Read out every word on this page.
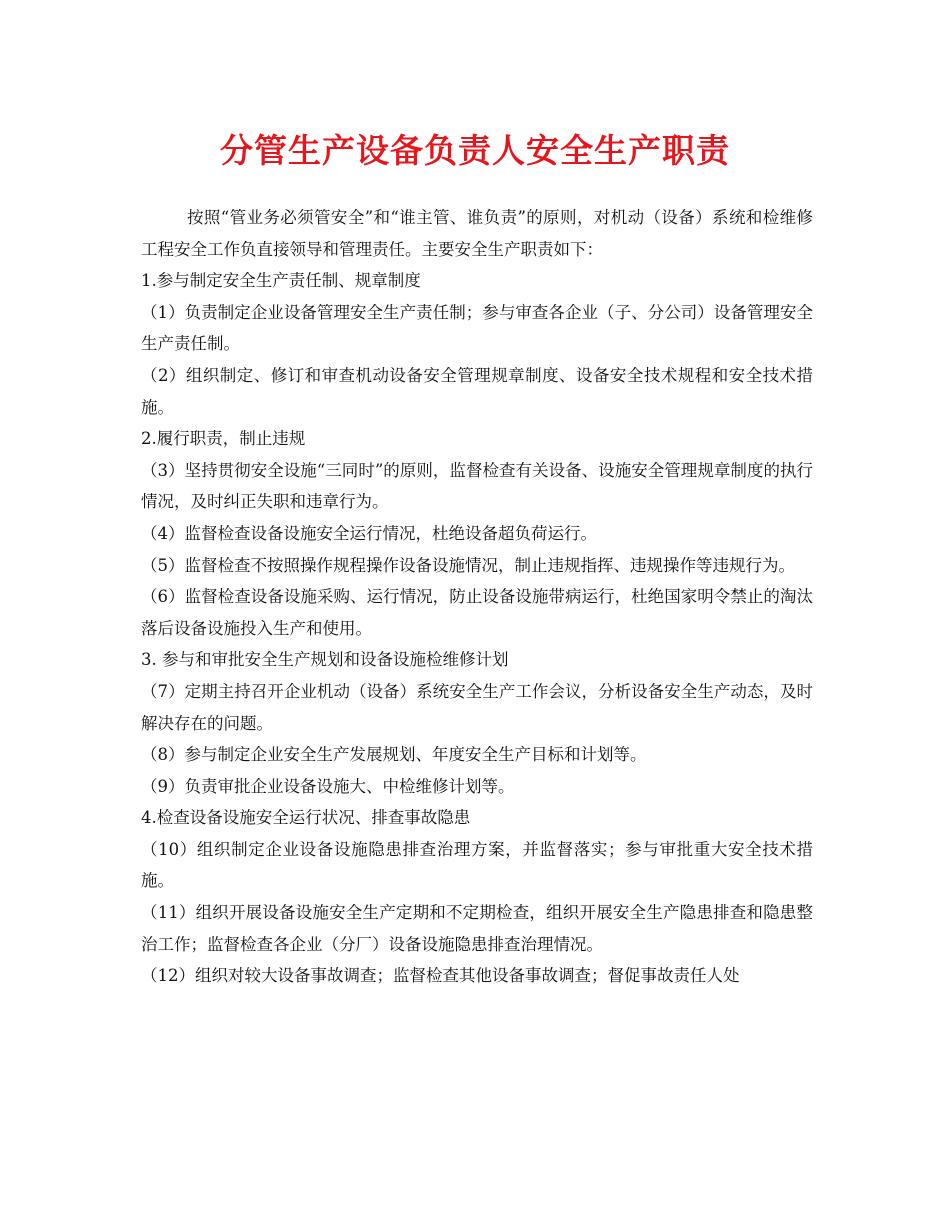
分管生产设备负责人安全生产职责

按照“管业务必须管安全”和“谁主管、谁负责”的原则，对机动（设备）系统和检维修工程安全工作负直接领导和管理责任。主要安全生产职责如下：

1.参与制定安全生产责任制、规章制度

（1）负责制定企业设备管理安全生产责任制；参与审查各企业（子、分公司）设备管理安全生产责任制。

（2）组织制定、修订和审查机动设备安全管理规章制度、设备安全技术规程和安全技术措施。

2.履行职责，制止违规

（3）坚持贯彻安全设施“三同时”的原则，监督检查有关设备、设施安全管理规章制度的执行情况，及时纠正失职和违章行为。

（4）监督检查设备设施安全运行情况，杜绝设备超负荷运行。

（5）监督检查不按照操作规程操作设备设施情况，制止违规指挥、违规操作等违规行为。

（6）监督检查设备设施采购、运行情况，防止设备设施带病运行，杜绝国家明令禁止的淘汰落后设备设施投入生产和使用。

3. 参与和审批安全生产规划和设备设施检维修计划

（7）定期主持召开企业机动（设备）系统安全生产工作会议，分析设备安全生产动态，及时解决存在的问题。

（8）参与制定企业安全生产发展规划、年度安全生产目标和计划等。

（9）负责审批企业设备设施大、中检维修计划等。

4.检查设备设施安全运行状况、排查事故隐患

（10）组织制定企业设备设施隐患排查治理方案，并监督落实；参与审批重大安全技术措施。

（11）组织开展设备设施安全生产定期和不定期检查，组织开展安全生产隐患排查和隐患整治工作；监督检查各企业（分厂）设备设施隐患排查治理情况。

（12）组织对较大设备事故调查；监督检查其他设备事故调查；督促事故责任人处
